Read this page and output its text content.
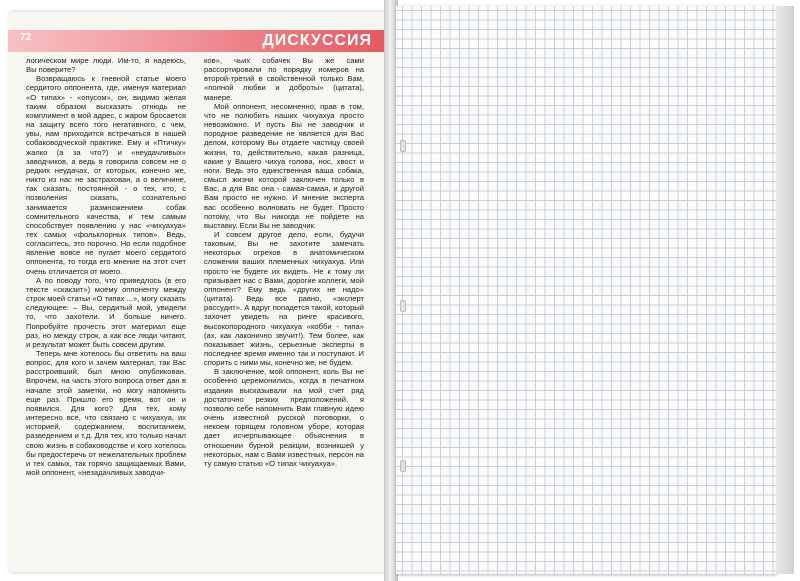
72	ДИСКУССИЯ

логическом мире люди. Им-то, я надеюсь, Вы поверите?

Возвращаюсь к гневной статье моего сердитого оппонента, где, именуя материал «О типах» - «опусом», он, видимо желая таким образом высказать отнюдь не комплимент в мой адрес, с жаром бросается на защиту всего того негативного, с чем, увы, нам приходится встречаться в нашей собаководческой практике. Ему и «Птичку» жалко (а за что?) и «неудачливых» заводчиков, а ведь я говорила совсем не о редких неудачах, от которых, конечно же, никто из нас не застрахован, а о величине, так сказать, постоянной - о тех, кто, с позволения сказать, сознательно занимается размножением собак сомнительного качества, и тем самым способствует появлению у нас «чихуахуа» тех самых «фольклорных типов». Ведь, согласитесь, это порочно. Но если подобное явление вовсе не пугает моего сердитого оппонента, то тогда его мнение на этот счет очень отличается от моего.

А по поводу того, что приведлось (в его тексте «скакзит») моему оппоненту между строк моей статьи «О типах ...», могу сказать следующее: – Вы, сердитый мой, увидели то, что захотели. И больше ничего. Попробуйте прочесть этот материал еще раз, но между строк, а как все люди читают, и результат может быть совсем другим.

Теперь мне хотелось бы ответить на ваш вопрос, для кого и зачем материал, так Вас расстроивший, был мною опубликован. Впрочем, на часть этого вопроса ответ дан в начале этой заметки, но могу напомнить еще раз. Пришло его время, вот он и появился. Для кого? Для тех, кому интересно все, что связано с чихуахуа, их историей, содержанием, воспитанием, разведением и т.д. Для тех, кто только начал свою жизнь в собаководстве и кого хотелось бы предостеречь от нежелательных проблем и тех самых, так горячо защищаемых Вами, мой оппонент, «незадачливых заводчи-

ков», чьих собачек Вы же сами рассортировали по порядку номеров на второй-третий в свойственной только Вам, «полной любви и доброты» (цитата), манере.

Мой оппонент, несомненно, прав в том, что не полюбить наших чихуахуа просто невозможно. И пусть Вы не заводчик и породное разведение не является для Вас делом, которому Вы отдаете частицу своей жизни, то, действительно, какая разница, какие у Вашего чихуа голова, нос, хвост и ноги. Ведь это единственная ваша собака, смысл жизни которой заключен только в Вас, а для Вас она - самая-самая, и другой Вам просто не нужно. И мнение эксперта вас особенно волновать не будет. Просто потому, что Вы никогда не пойдете на выставку. Если Вы не заводчик.

И совсем другое дело, если, будучи таковым, Вы не захотите замечать некоторых огрехов в анатомическом сложении ваших племенных чихуахуа. Или просто не будете их видеть. Не к тому ли призывает нас с Вами, дорогие коллеги, мой оппонент? Ему ведь «других не надо» (цитата). Ведь все равно, «эксперт рассудит». А вдруг попадется такой, который захочет увидеть на ринге красивого, высокопородного чихуахуа «кобби - типа» (ах, как лаконично звучит!). Тем более, как показывает жизнь, серьезные эксперты в последнее время именно так и поступают. И спорить с ними мы, конечно же, не будем.

В заключение, мой оппонент, коль Вы не особенно церемонились, когда в печатном издании высказывали на мой счет ряд достаточно резких предположений, я позволю себе напомнить Вам главную идею очень известной русской поговорки, о некоем горящем головном уборе, которая дает исчерпывающее объяснения в отношении бурной реакции, возникшей у некоторых, нам с Вами известных, персон на ту самую статью «О типах чихуахуа».
